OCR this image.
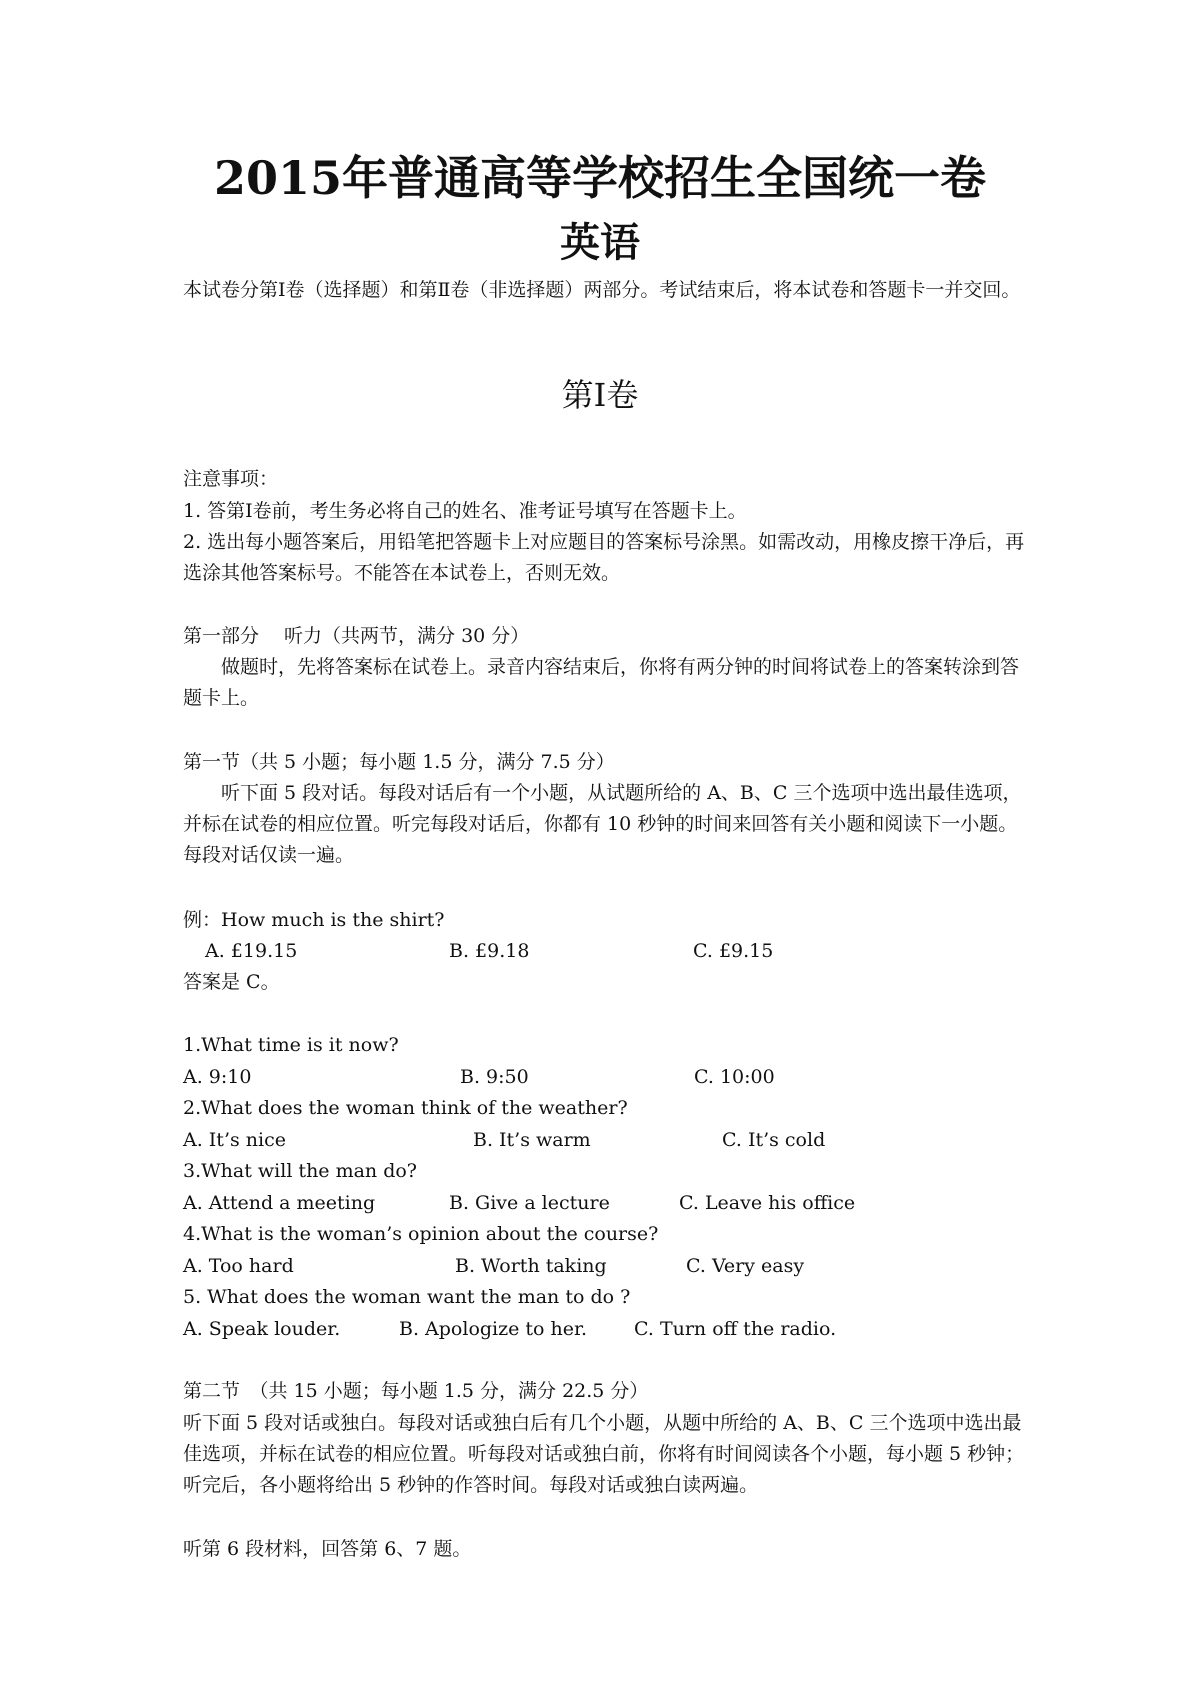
2015年普通高等学校招生全国统一卷
英语
本试卷分第Ⅰ卷（选择题）和第Ⅱ卷（非选择题）两部分。考试结束后，将本试卷和答题卡一并交回。
第Ⅰ卷
注意事项：
1. 答第Ⅰ卷前，考生务必将自己的姓名、准考证号填写在答题卡上。
2. 选出每小题答案后，用铅笔把答题卡上对应题目的答案标号涂黑。如需改动，用橡皮擦干净后，再选涂其他答案标号。不能答在本试卷上，否则无效。
第一部分　 听力（共两节，满分 30 分）
做题时，先将答案标在试卷上。录音内容结束后，你将有两分钟的时间将试卷上的答案转涂到答题卡上。
第一节（共 5 小题；每小题 1.5 分，满分 7.5 分）
听下面 5 段对话。每段对话后有一个小题，从试题所给的 A、B、C 三个选项中选出最佳选项，并标在试卷的相应位置。听完每段对话后，你都有 10 秒钟的时间来回答有关小题和阅读下一小题。每段对话仅读一遍。
例：How much is the shirt?
A. £19.15	B. £9.18	C. £9.15
答案是 C。
1.What time is it now?
A. 9:10	B. 9:50	C. 10:00
2.What does the woman think of the weather?
A. It’s nice	B. It’s warm	C. It’s cold
3.What will the man do?
A. Attend a meeting	B. Give a lecture	C. Leave his office
4.What is the woman’s opinion about the course?
A. Too hard	B. Worth taking	C. Very easy
5. What does the woman want the man to do ?
A. Speak louder.	B. Apologize to her. C. Turn off the radio.
第二节　（共 15 小题；每小题 1.5 分，满分 22.5 分）
听下面 5 段对话或独白。每段对话或独白后有几个小题，从题中所给的 A、B、C 三个选项中选出最佳选项，并标在试卷的相应位置。听每段对话或独白前，你将有时间阅读各个小题，每小题 5 秒钟；听完后，各小题将给出 5 秒钟的作答时间。每段对话或独白读两遍。
听第 6 段材料，回答第 6、7 题。
